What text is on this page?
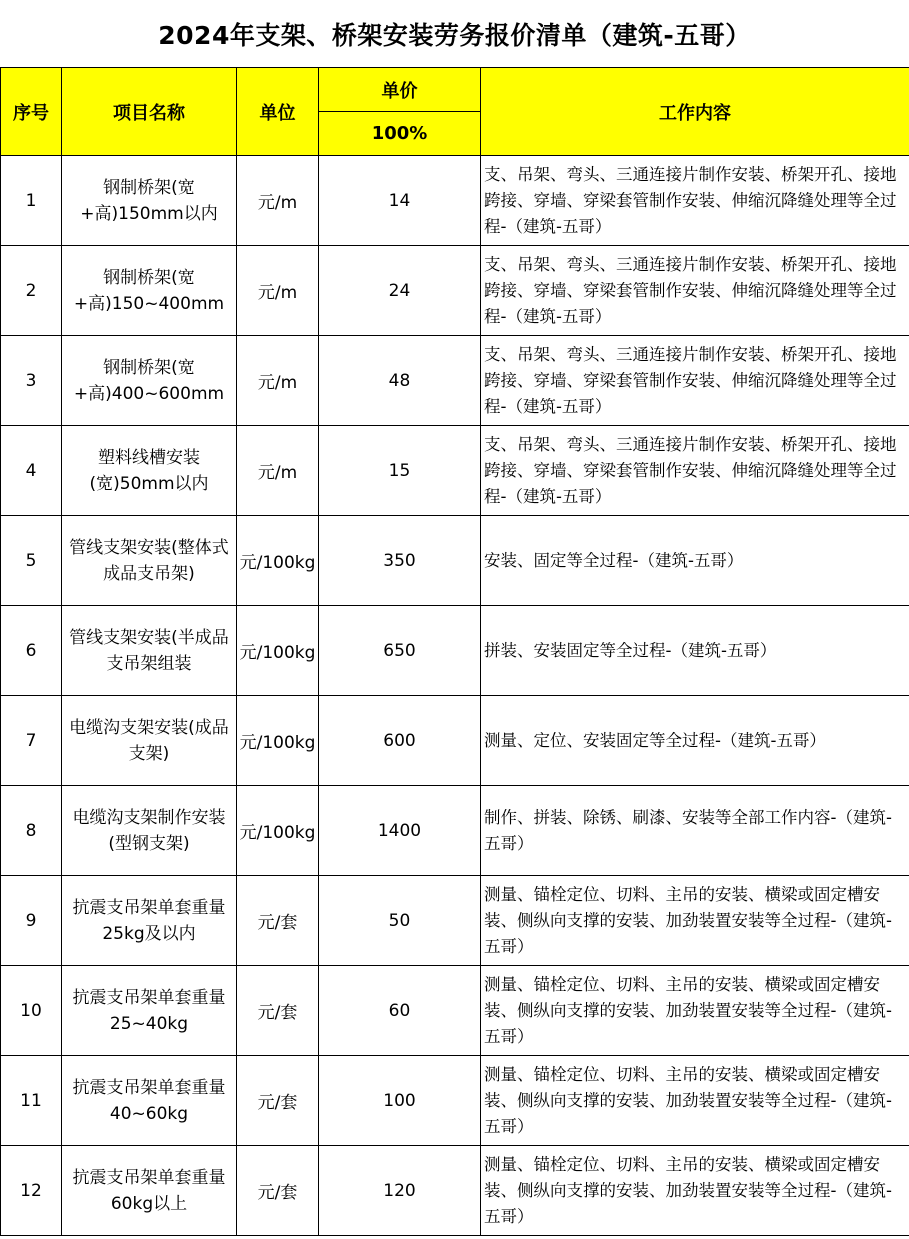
2024年支架、桥架安装劳务报价清单（建筑-五哥）
序号	项目名称	单位	单价	工作内容
			100%	
1	钢制桥架(宽+高)150mm以内	元/m	14	支、吊架、弯头、三通连接片制作安装、桥架开孔、接地跨接、穿墙、穿梁套管制作安装、伸缩沉降缝处理等全过程-（建筑-五哥）
2	钢制桥架(宽+高)150~400mm	元/m	24	支、吊架、弯头、三通连接片制作安装、桥架开孔、接地跨接、穿墙、穿梁套管制作安装、伸缩沉降缝处理等全过程-（建筑-五哥）
3	钢制桥架(宽+高)400~600mm	元/m	48	支、吊架、弯头、三通连接片制作安装、桥架开孔、接地跨接、穿墙、穿梁套管制作安装、伸缩沉降缝处理等全过程-（建筑-五哥）
4	塑料线槽安装(宽)50mm以内	元/m	15	支、吊架、弯头、三通连接片制作安装、桥架开孔、接地跨接、穿墙、穿梁套管制作安装、伸缩沉降缝处理等全过程-（建筑-五哥）
5	管线支架安装(整体式成品支吊架)	元/100kg	350	安装、固定等全过程-（建筑-五哥）
6	管线支架安装(半成品支吊架组装	元/100kg	650	拼装、安装固定等全过程-（建筑-五哥）
7	电缆沟支架安装(成品支架)	元/100kg	600	测量、定位、安装固定等全过程-（建筑-五哥）
8	电缆沟支架制作安装(型钢支架)	元/100kg	1400	制作、拼装、除锈、刷漆、安装等全部工作内容-（建筑-五哥）
9	抗震支吊架单套重量25kg及以内	元/套	50	测量、锚栓定位、切料、主吊的安装、横梁或固定槽安装、侧纵向支撑的安装、加劲装置安装等全过程-（建筑-五哥）
10	抗震支吊架单套重量25~40kg	元/套	60	测量、锚栓定位、切料、主吊的安装、横梁或固定槽安装、侧纵向支撑的安装、加劲装置安装等全过程-（建筑-五哥）
11	抗震支吊架单套重量40~60kg	元/套	100	测量、锚栓定位、切料、主吊的安装、横梁或固定槽安装、侧纵向支撑的安装、加劲装置安装等全过程-（建筑-五哥）
12	抗震支吊架单套重量60kg以上	元/套	120	测量、锚栓定位、切料、主吊的安装、横梁或固定槽安装、侧纵向支撑的安装、加劲装置安装等全过程-（建筑-五哥）
